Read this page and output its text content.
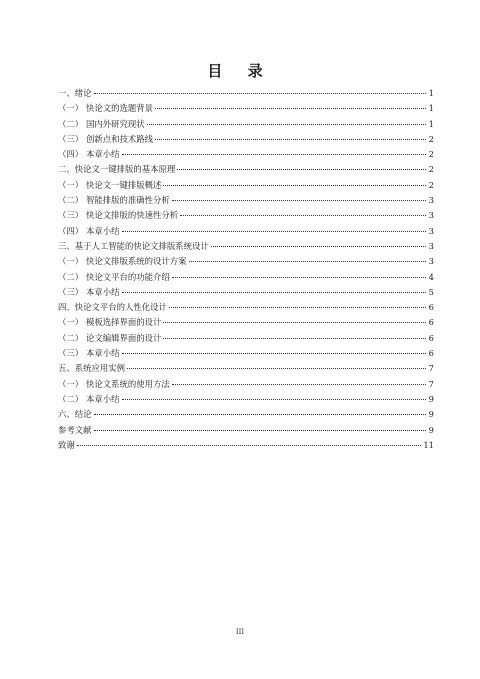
目 录
一、绪论	1
（一） 快论文的选题背景	1
（二） 国内外研究现状	1
（三） 创新点和技术路线	2
（四） 本章小结	2
二、快论文一键排版的基本原理	2
（一） 快论文一键排版概述	2
（二） 智能排版的准确性分析	3
（三） 快论文排版的快速性分析	3
（四） 本章小结	3
三、基于人工智能的快论文排版系统设计	3
（一） 快论文排版系统的设计方案	3
（二） 快论文平台的功能介绍	4
（三） 本章小结	5
四、快论文平台的人性化设计	6
（一） 模板选择界面的设计	6
（二） 论文编辑界面的设计	6
（三） 本章小结	6
五、系统应用实例	7
（一） 快论文系统的使用方法	7
（二） 本章小结	9
六、结论	9
参考文献	9
致谢	11
III
